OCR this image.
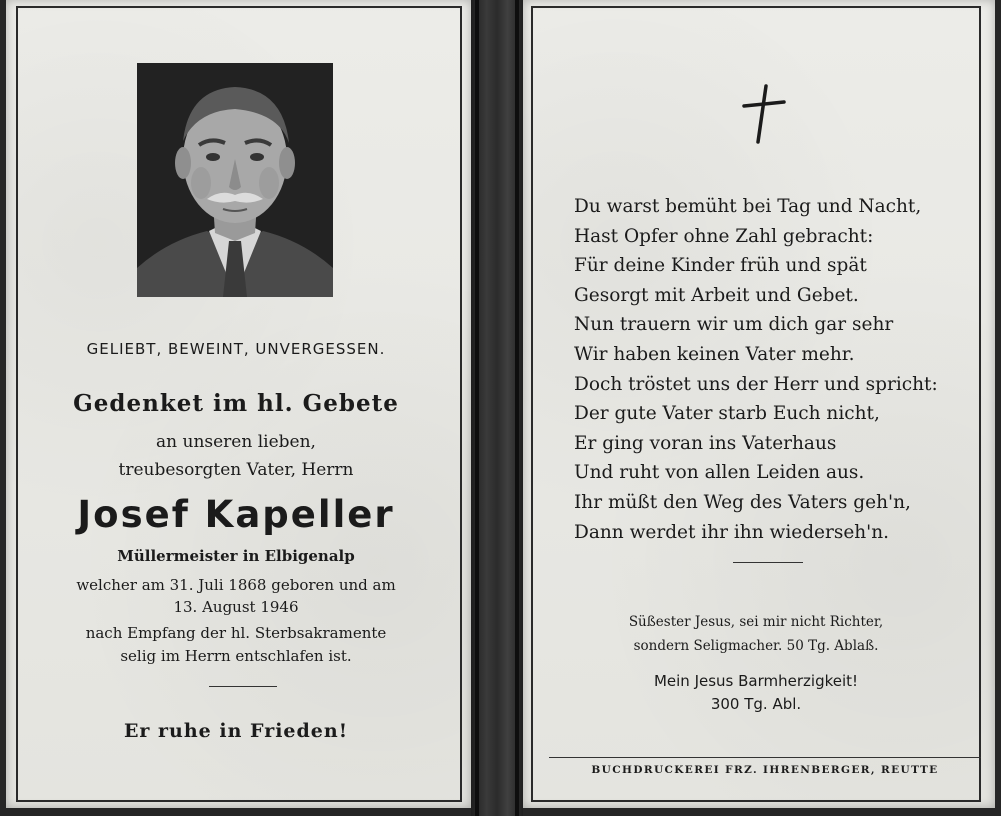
GELIEBT, BEWEINT, UNVERGESSEN.
Gedenket im hl. Gebete
an unseren lieben,
treubesorgten Vater, Herrn
Josef Kapeller
Müllermeister in Elbigenalp
welcher am 31. Juli 1868 geboren und am
13. August 1946
nach Empfang der hl. Sterbsakramente
selig im Herrn entschlafen ist.
Er ruhe in Frieden!
Du warst bemüht bei Tag und Nacht,
Hast Opfer ohne Zahl gebracht:
Für deine Kinder früh und spät
Gesorgt mit Arbeit und Gebet.
Nun trauern wir um dich gar sehr
Wir haben keinen Vater mehr.
Doch tröstet uns der Herr und spricht:
Der gute Vater starb Euch nicht,
Er ging voran ins Vaterhaus
Und ruht von allen Leiden aus.
Ihr müßt den Weg des Vaters geh'n,
Dann werdet ihr ihn wiederseh'n.
Süßester Jesus, sei mir nicht Richter,
sondern Seligmacher. 50 Tg. Ablaß.
Mein Jesus Barmherzigkeit!
300 Tg. Abl.
BUCHDRUCKEREI FRZ. IHRENBERGER, REUTTE
